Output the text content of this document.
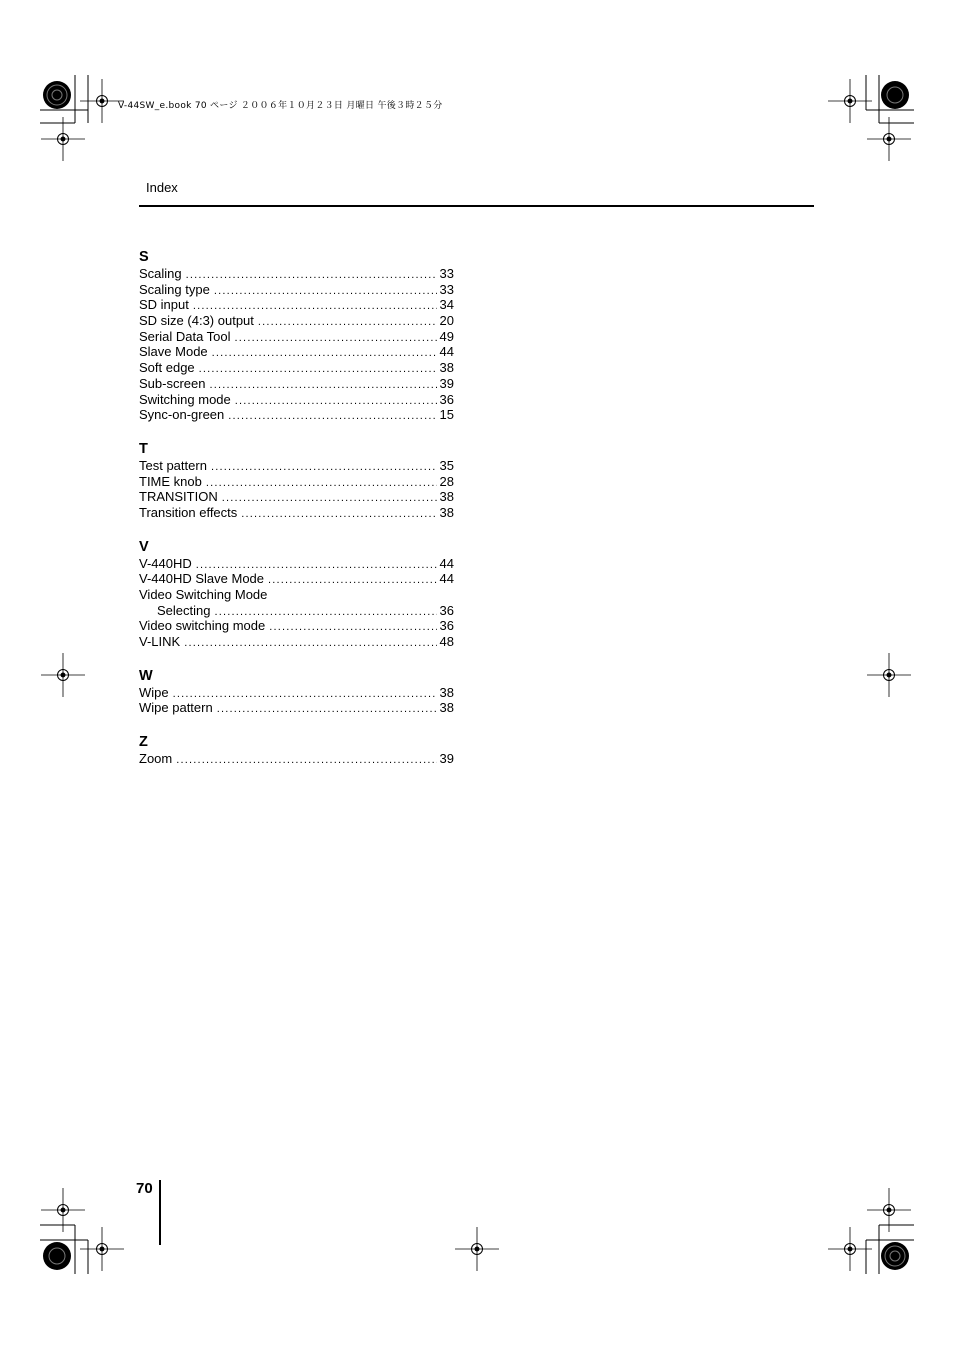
V-44SW_e.book 70 ページ ２００６年１０月２３日 月曜日 午後３時２５分
Index
S
Scaling .....	33
Scaling type .....	33
SD input .....	34
SD size (4:3) output .....	20
Serial Data Tool .....	49
Slave Mode .....	44
Soft edge .....	38
Sub-screen .....	39
Switching mode .....	36
Sync-on-green .....	15
T
Test pattern .....	35
TIME knob .....	28
TRANSITION .....	38
Transition effects .....	38
V
V-440HD .....	44
V-440HD Slave Mode .....	44
Video Switching Mode
Selecting .....	36
Video switching mode .....	36
V-LINK .....	48
W
Wipe .....	38
Wipe pattern .....	38
Z
Zoom .....	39
70
